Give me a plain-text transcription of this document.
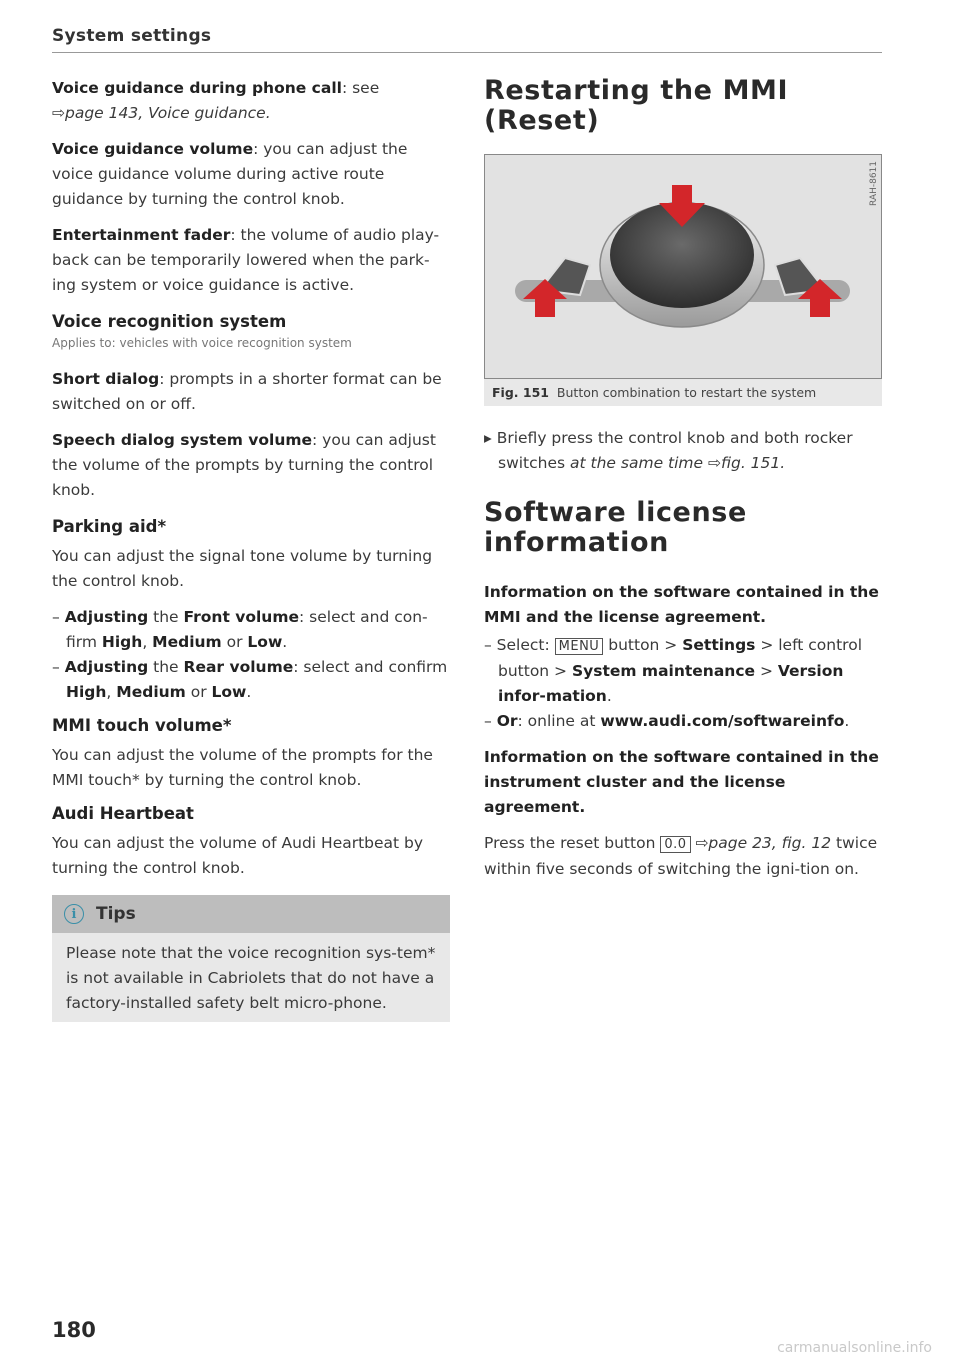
System settings

Voice guidance during phone call: see
⇨page 143, Voice guidance.

Voice guidance volume: you can adjust the voice guidance volume during active route guidance by turning the control knob.

Entertainment fader: the volume of audio play-back can be temporarily lowered when the park-ing system or voice guidance is active.

Voice recognition system
Applies to: vehicles with voice recognition system

Short dialog: prompts in a shorter format can be switched on or off.

Speech dialog system volume: you can adjust the volume of the prompts by turning the control knob.

Parking aid*

You can adjust the signal tone volume by turning the control knob.

– Adjusting the Front volume: select and con-firm High, Medium or Low.

– Adjusting the Rear volume: select and confirm High, Medium or Low.

MMI touch volume*

You can adjust the volume of the prompts for the MMI touch* by turning the control knob.

Audi Heartbeat

You can adjust the volume of Audi Heartbeat by turning the control knob.

i	Tips

Please note that the voice recognition sys-tem* is not available in Cabriolets that do not have a factory-installed safety belt micro-phone.

Restarting the MMI (Reset)
RAH-8611
Fig. 151 Button combination to restart the system

▸ Briefly press the control knob and both rocker switches at the same time ⇨fig. 151.

Software license information

Information on the software contained in the MMI and the license agreement.

– Select: MENU button > Settings > left control button > System maintenance > Version infor-mation.

– Or: online at www.audi.com/softwareinfo.

Information on the software contained in the instrument cluster and the license agreement.

Press the reset button 0.0 ⇨page 23, fig. 12 twice within five seconds of switching the igni-tion on.

180
carmanualsonline.info
